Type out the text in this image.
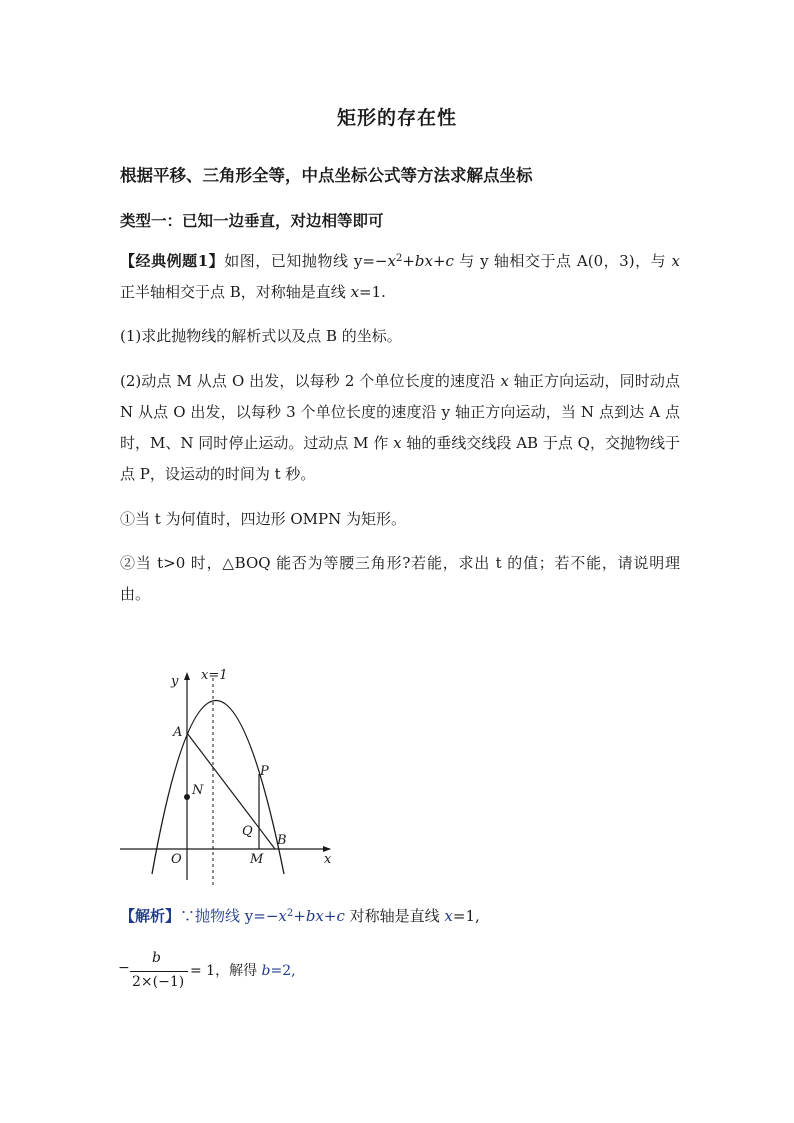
矩形的存在性
根据平移、三角形全等，中点坐标公式等方法求解点坐标
类型一：已知一边垂直，对边相等即可
【经典例题1】如图，已知抛物线 $y=-x^2+bx+c$ 与 y 轴相交于点 A(0，3)，与 x 正半轴相交于点 B，对称轴是直线 x=1.
(1)求此抛物线的解析式以及点 B 的坐标。
(2)动点 M 从点 O 出发，以每秒 2 个单位长度的速度沿 x 轴正方向运动，同时动点 N 从点 O 出发，以每秒 3 个单位长度的速度沿 y 轴正方向运动，当 N 点到达 A 点时，M、N 同时停止运动。过动点 M 作 x 轴的垂线交线段 AB 于点 Q，交抛物线于点 P，设运动的时间为 t 秒。
①当 t 为何值时，四边形 OMPN 为矩形。
②当 t>0 时，△BOQ 能否为等腰三角形?若能，求出 t 的值；若不能，请说明理由。
y
x
x=1
A
N
P
Q
B
O	M
【解析】∵抛物线 $y=-x^2+bx+c$ 对称轴是直线 x=1,
−
b
2×(−1)
= 1，解得 b=2,
